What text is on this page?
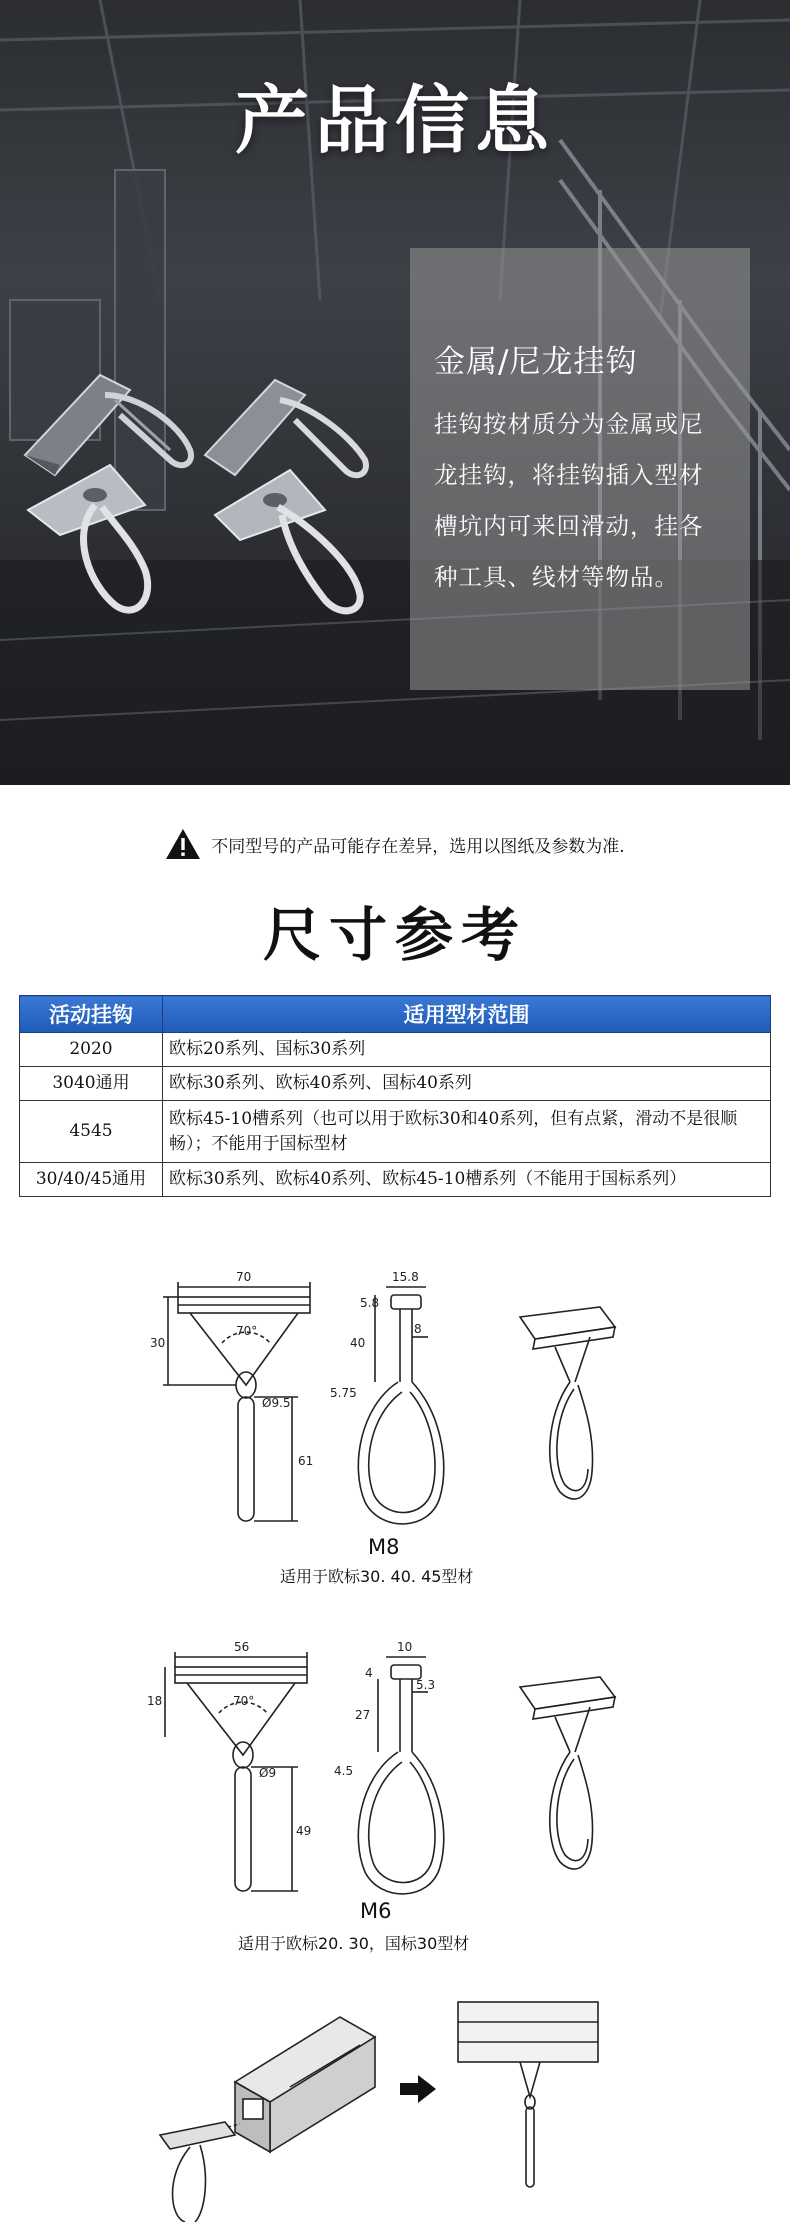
产品信息
金属/尼龙挂钩
挂钩按材质分为金属或尼
龙挂钩，将挂钩插入型材
槽坑内可来回滑动，挂各
种工具、线材等物品。
不同型号的产品可能存在差异，选用以图纸及参数为准.
尺寸参考
活动挂钩	适用型材范围
2020	欧标20系列、国标30系列
3040通用	欧标30系列、欧标40系列、国标40系列
4545	欧标45-10槽系列（也可以用于欧标30和40系列，但有点紧，滑动不是很顺畅）；不能用于国标型材
30/40/45通用	欧标30系列、欧标40系列、欧标45-10槽系列（不能用于国标系列）
70
30
70°
Ø9.5
61
15.8
5.8
8
40
5.75
M8
适用于欧标30. 40. 45型材
56
18	70°
Ø9
49
10
4
5.3
27
4.5
M6
适用于欧标20. 30，国标30型材
